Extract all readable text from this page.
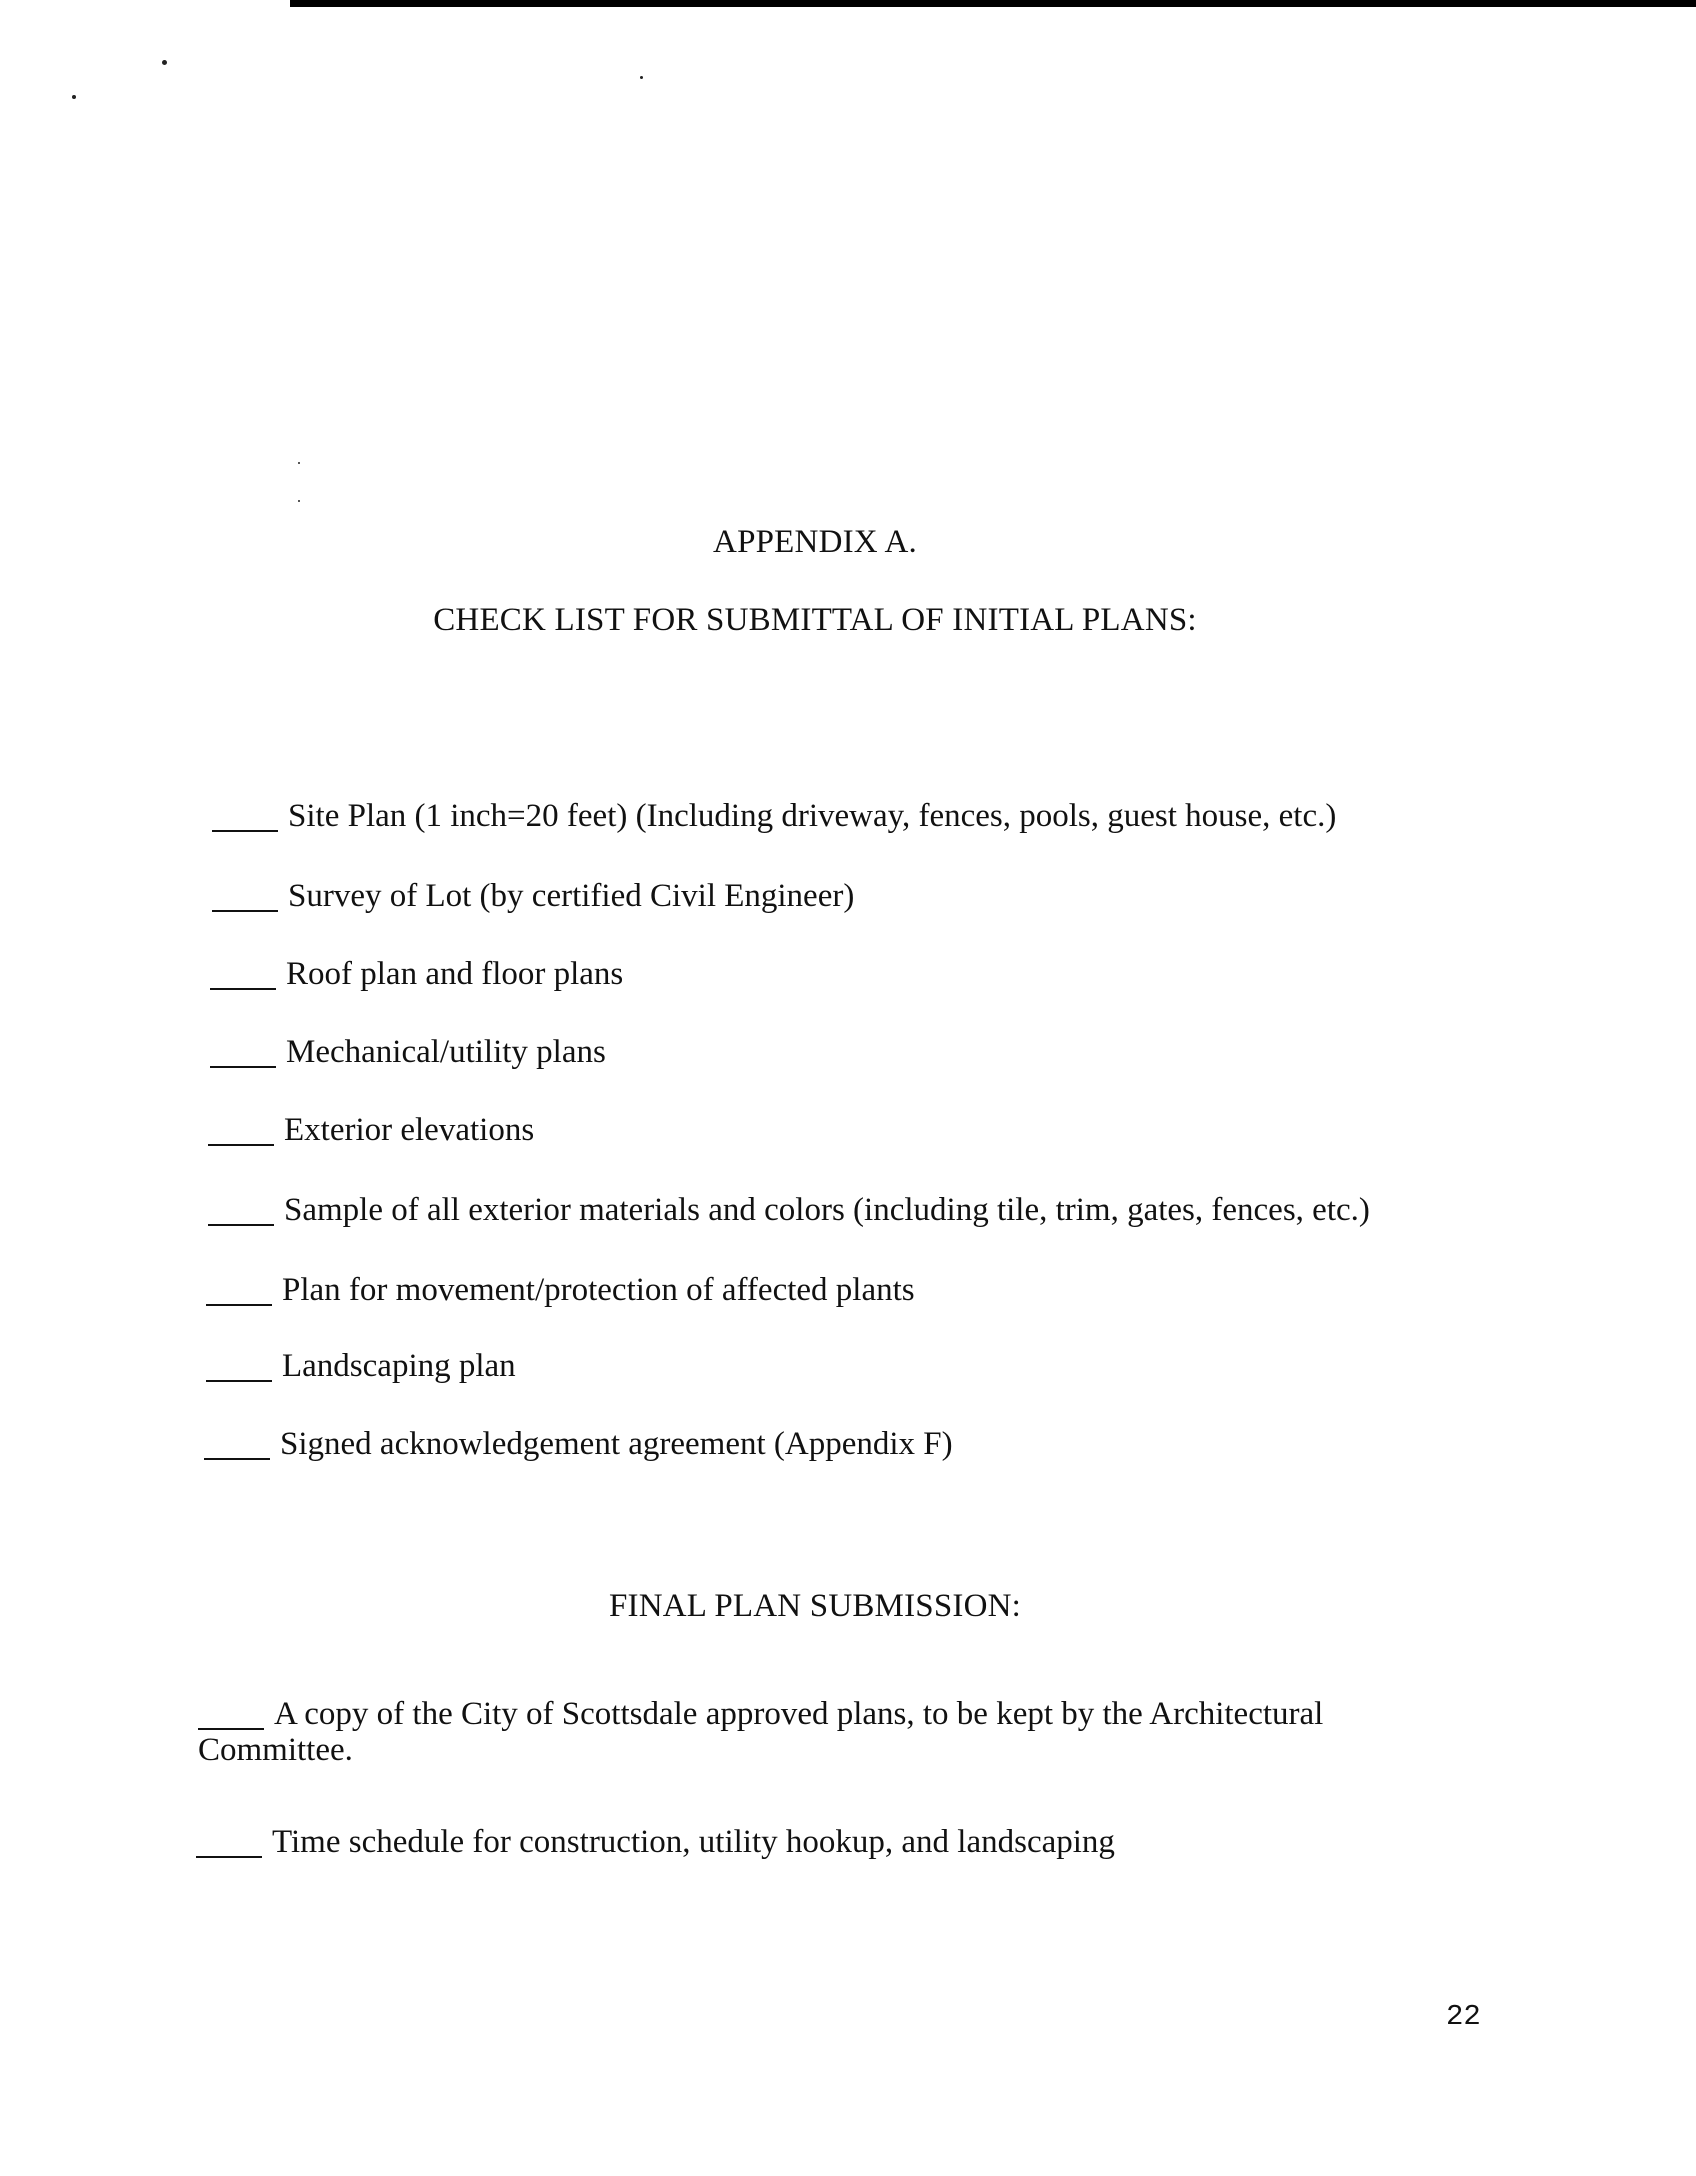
APPENDIX A.
CHECK LIST FOR SUBMITTAL OF INITIAL PLANS:
Site Plan (1 inch=20 feet) (Including driveway, fences, pools, guest house, etc.)
Survey of Lot (by certified Civil Engineer)
Roof plan and floor plans
Mechanical/utility plans
Exterior elevations
Sample of all exterior materials and colors (including tile, trim, gates, fences, etc.)
Plan for movement/protection of affected plants
Landscaping plan
Signed acknowledgement agreement (Appendix F)
FINAL PLAN SUBMISSION:
A copy of the City of Scottsdale approved plans, to be kept by the Architectural Committee.
Time schedule for construction, utility hookup, and landscaping
22
